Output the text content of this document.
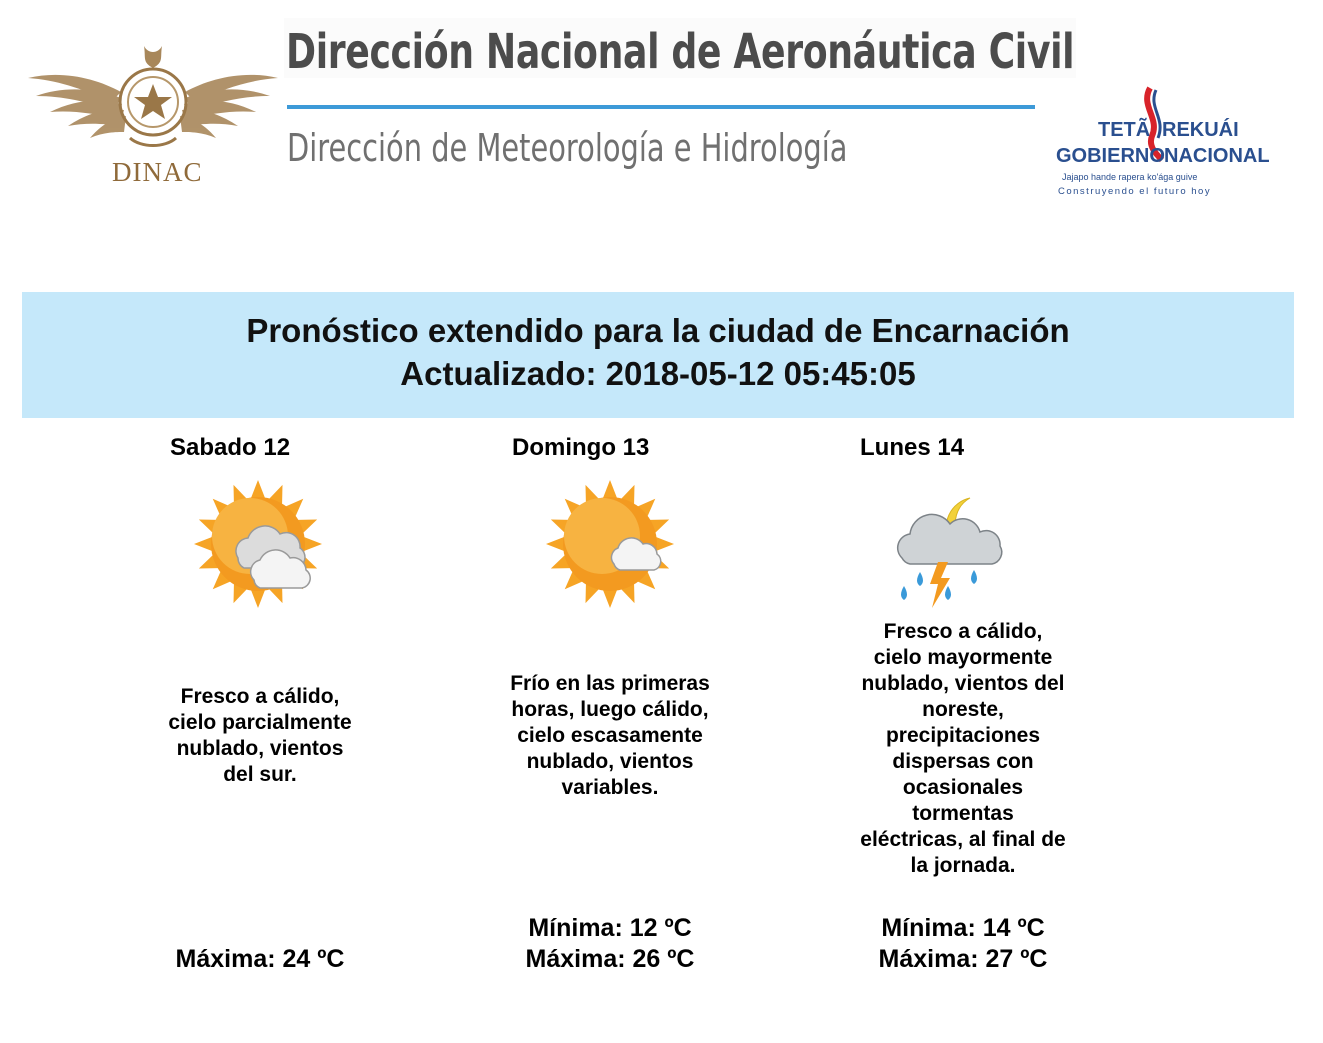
DINAC
Dirección Nacional de Aeronáutica Civil
Dirección de Meteorología e Hidrología	TETÃ REKUÁI
GOBIERNO NACIONAL
Jajapo hande rapera ko'ága guive
Construyendo el futuro hoy
Pronóstico extendido para la ciudad de Encarnación
Actualizado: 2018-05-12 05:45:05
Sabado 12
Fresco a cálido, cielo parcialmente nublado, vientos del sur.
Máxima: 24 ºC
Domingo 13
Frío en las primeras horas, luego cálido, cielo escasamente nublado, vientos variables.
Mínima: 12 ºC
Máxima: 26 ºC
Lunes 14
Fresco a cálido, cielo mayormente nublado, vientos del noreste, precipitaciones dispersas con ocasionales tormentas eléctricas, al final de la jornada.
Mínima: 14 ºC
Máxima: 27 ºC
